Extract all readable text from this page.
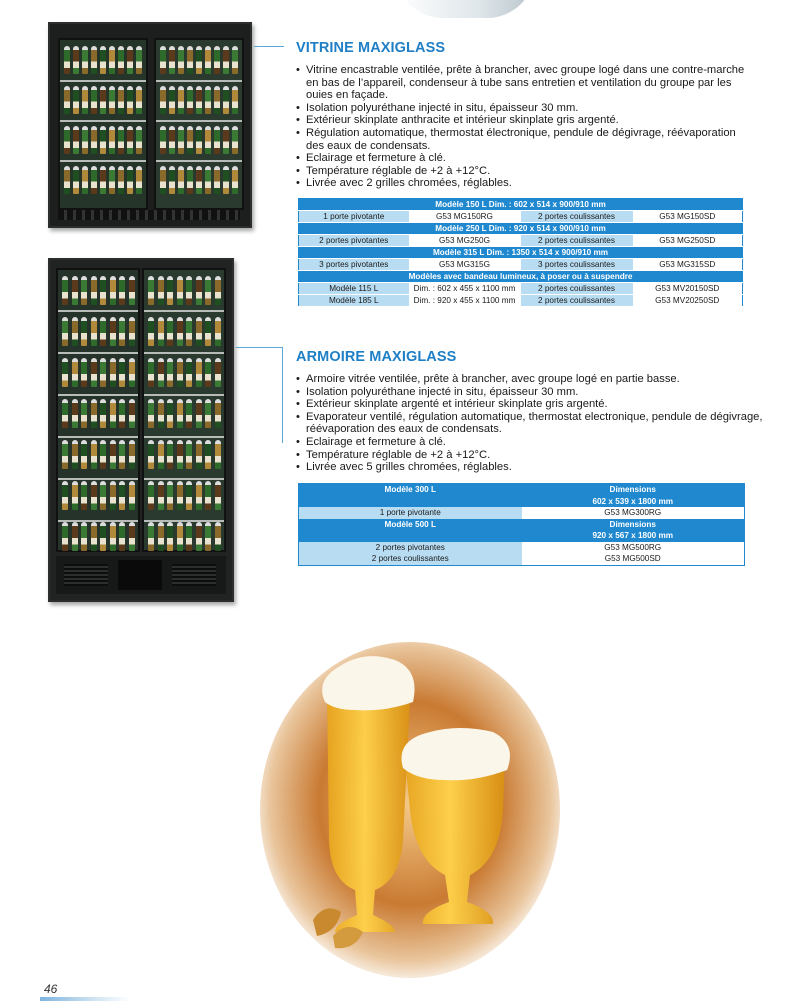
VITRINE MAXIGLASS
• Vitrine encastrable ventilée, prête à brancher, avec groupe logé dans une contre-marche en bas de l’appareil, condenseur à tube sans entretien et ventilation du groupe par les ouies en façade.
• Isolation polyuréthane injecté in situ, épaisseur 30 mm.
• Extérieur skinplate anthracite et intérieur skinplate gris argenté.
• Régulation automatique, thermostat électronique, pendule de dégivrage, réévaporation des eaux de condensats.
• Eclairage et fermeture à clé.
• Température réglable de +2 à +12°C.
• Livrée avec 2 grilles chromées, réglables.
Modèle 150 L Dim. : 602 x 514 x 900/910 mm			
1 porte pivotante	G53 MG150RG	2 portes coulissantes	G53 MG150SD
Modèle 250 L Dim. : 920 x 514 x 900/910 mm			
2 portes pivotantes	G53 MG250G	2 portes coulissantes	G53 MG250SD
Modèle 315 L Dim. : 1350 x 514 x 900/910 mm			
3 portes pivotantes	G53 MG315G	3 portes coulissantes	G53 MG315SD
Modèles avec bandeau lumineux, à poser ou à suspendre			
Modèle 115 L	Dim. : 602 x 455 x 1100 mm	2 portes coulissantes	G53 MV20150SD
Modèle 185 L	Dim. : 920 x 455 x 1100 mm	2 portes coulissantes	G53 MV20250SD
ARMOIRE MAXIGLASS
• Armoire vitrée ventilée, prête à brancher, avec groupe logé en partie basse.
• Isolation polyuréthane injecté in situ, épaisseur 30 mm.
• Extérieur skinplate argenté et intérieur skinplate gris argenté.
• Evaporateur ventilé, régulation automatique, thermostat electronique, pendule de dégivrage, réévaporation des eaux de condensats.
• Eclairage et fermeture à clé.
• Température réglable de +2 à +12°C.
• Livrée avec 5 grilles chromées, réglables.
Modèle 300 L	Dimensions
	602 x 539 x 1800 mm
1 porte pivotante	G53 MG300RG
Modèle 500 L	Dimensions
	920 x 567 x 1800 mm
2 portes pivotantes	G53 MG500RG
2 portes coulissantes	G53 MG500SD
46
